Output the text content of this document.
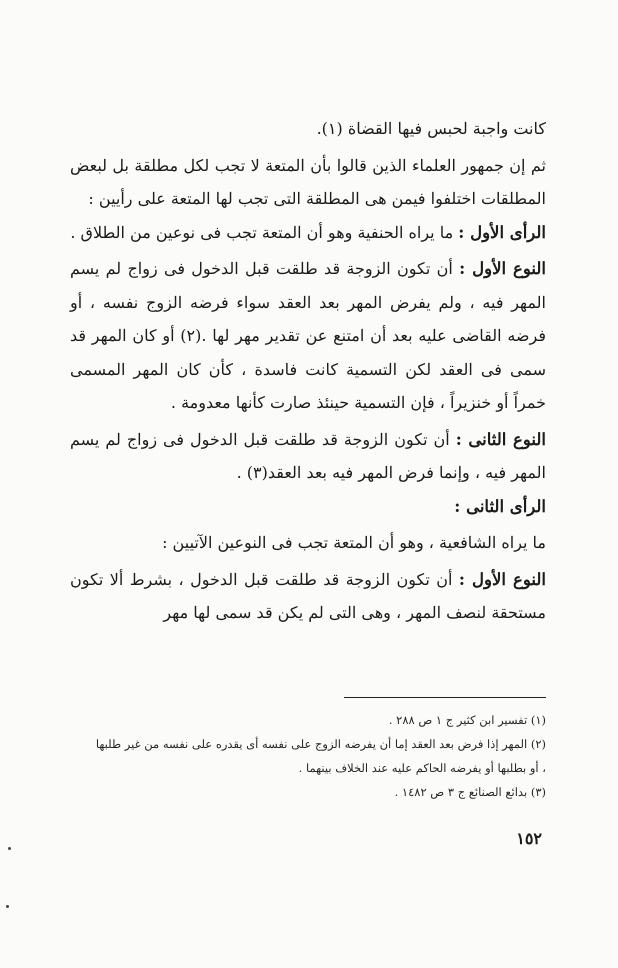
كانت واجبة لحبس فيها القضاة (١).

ثم إن جمهور العلماء الذين قالوا بأن المتعة لا تجب لكل مطلقة بل لبعض المطلقات اختلفوا فيمن هى المطلقة التى تجب لها المتعة على رأيين :

الرأى الأول : ما يراه الحنفية وهو أن المتعة تجب فى نوعين من الطلاق .

النوع الأول : أن تكون الزوجة قد طلقت قبل الدخول فى زواج لم يسم المهر فيه ، ولم يفرض المهر بعد العقد سواء فرضه الزوج نفسه ، أو فرضه القاضى عليه بعد أن امتنع عن تقدير مهر لها .(٢) أو كان المهر قد سمى فى العقد لكن التسمية كانت فاسدة ، كأن كان المهر المسمى خمراً أو خنزيراً ، فإن التسمية حينئذ صارت كأنها معدومة .

النوع الثانى : أن تكون الزوجة قد طلقت قبل الدخول فى زواج لم يسم المهر فيه ، وإنما فرض المهر فيه بعد العقد(٣) .

الرأى الثانى :

ما يراه الشافعية ، وهو أن المتعة تجب فى النوعين الآتيين :

النوع الأول : أن تكون الزوجة قد طلقت قبل الدخول ، بشرط ألا تكون مستحقة لنصف المهر ، وهى التى لم يكن قد سمى لها مهر

(١) تفسير ابن كثير ج ١ ص ٢٨٨ .

(٢) المهر إذا فرض بعد العقد إما أن يفرضه الزوج على نفسه أى يقدره على نفسه من غير طلبها ، أو بطلبها أو يفرضه الحاكم عليه عند الخلاف بينهما .

(٣) بدائع الصنائع ج ٣ ص ١٤٨٢ .

١٥٢
